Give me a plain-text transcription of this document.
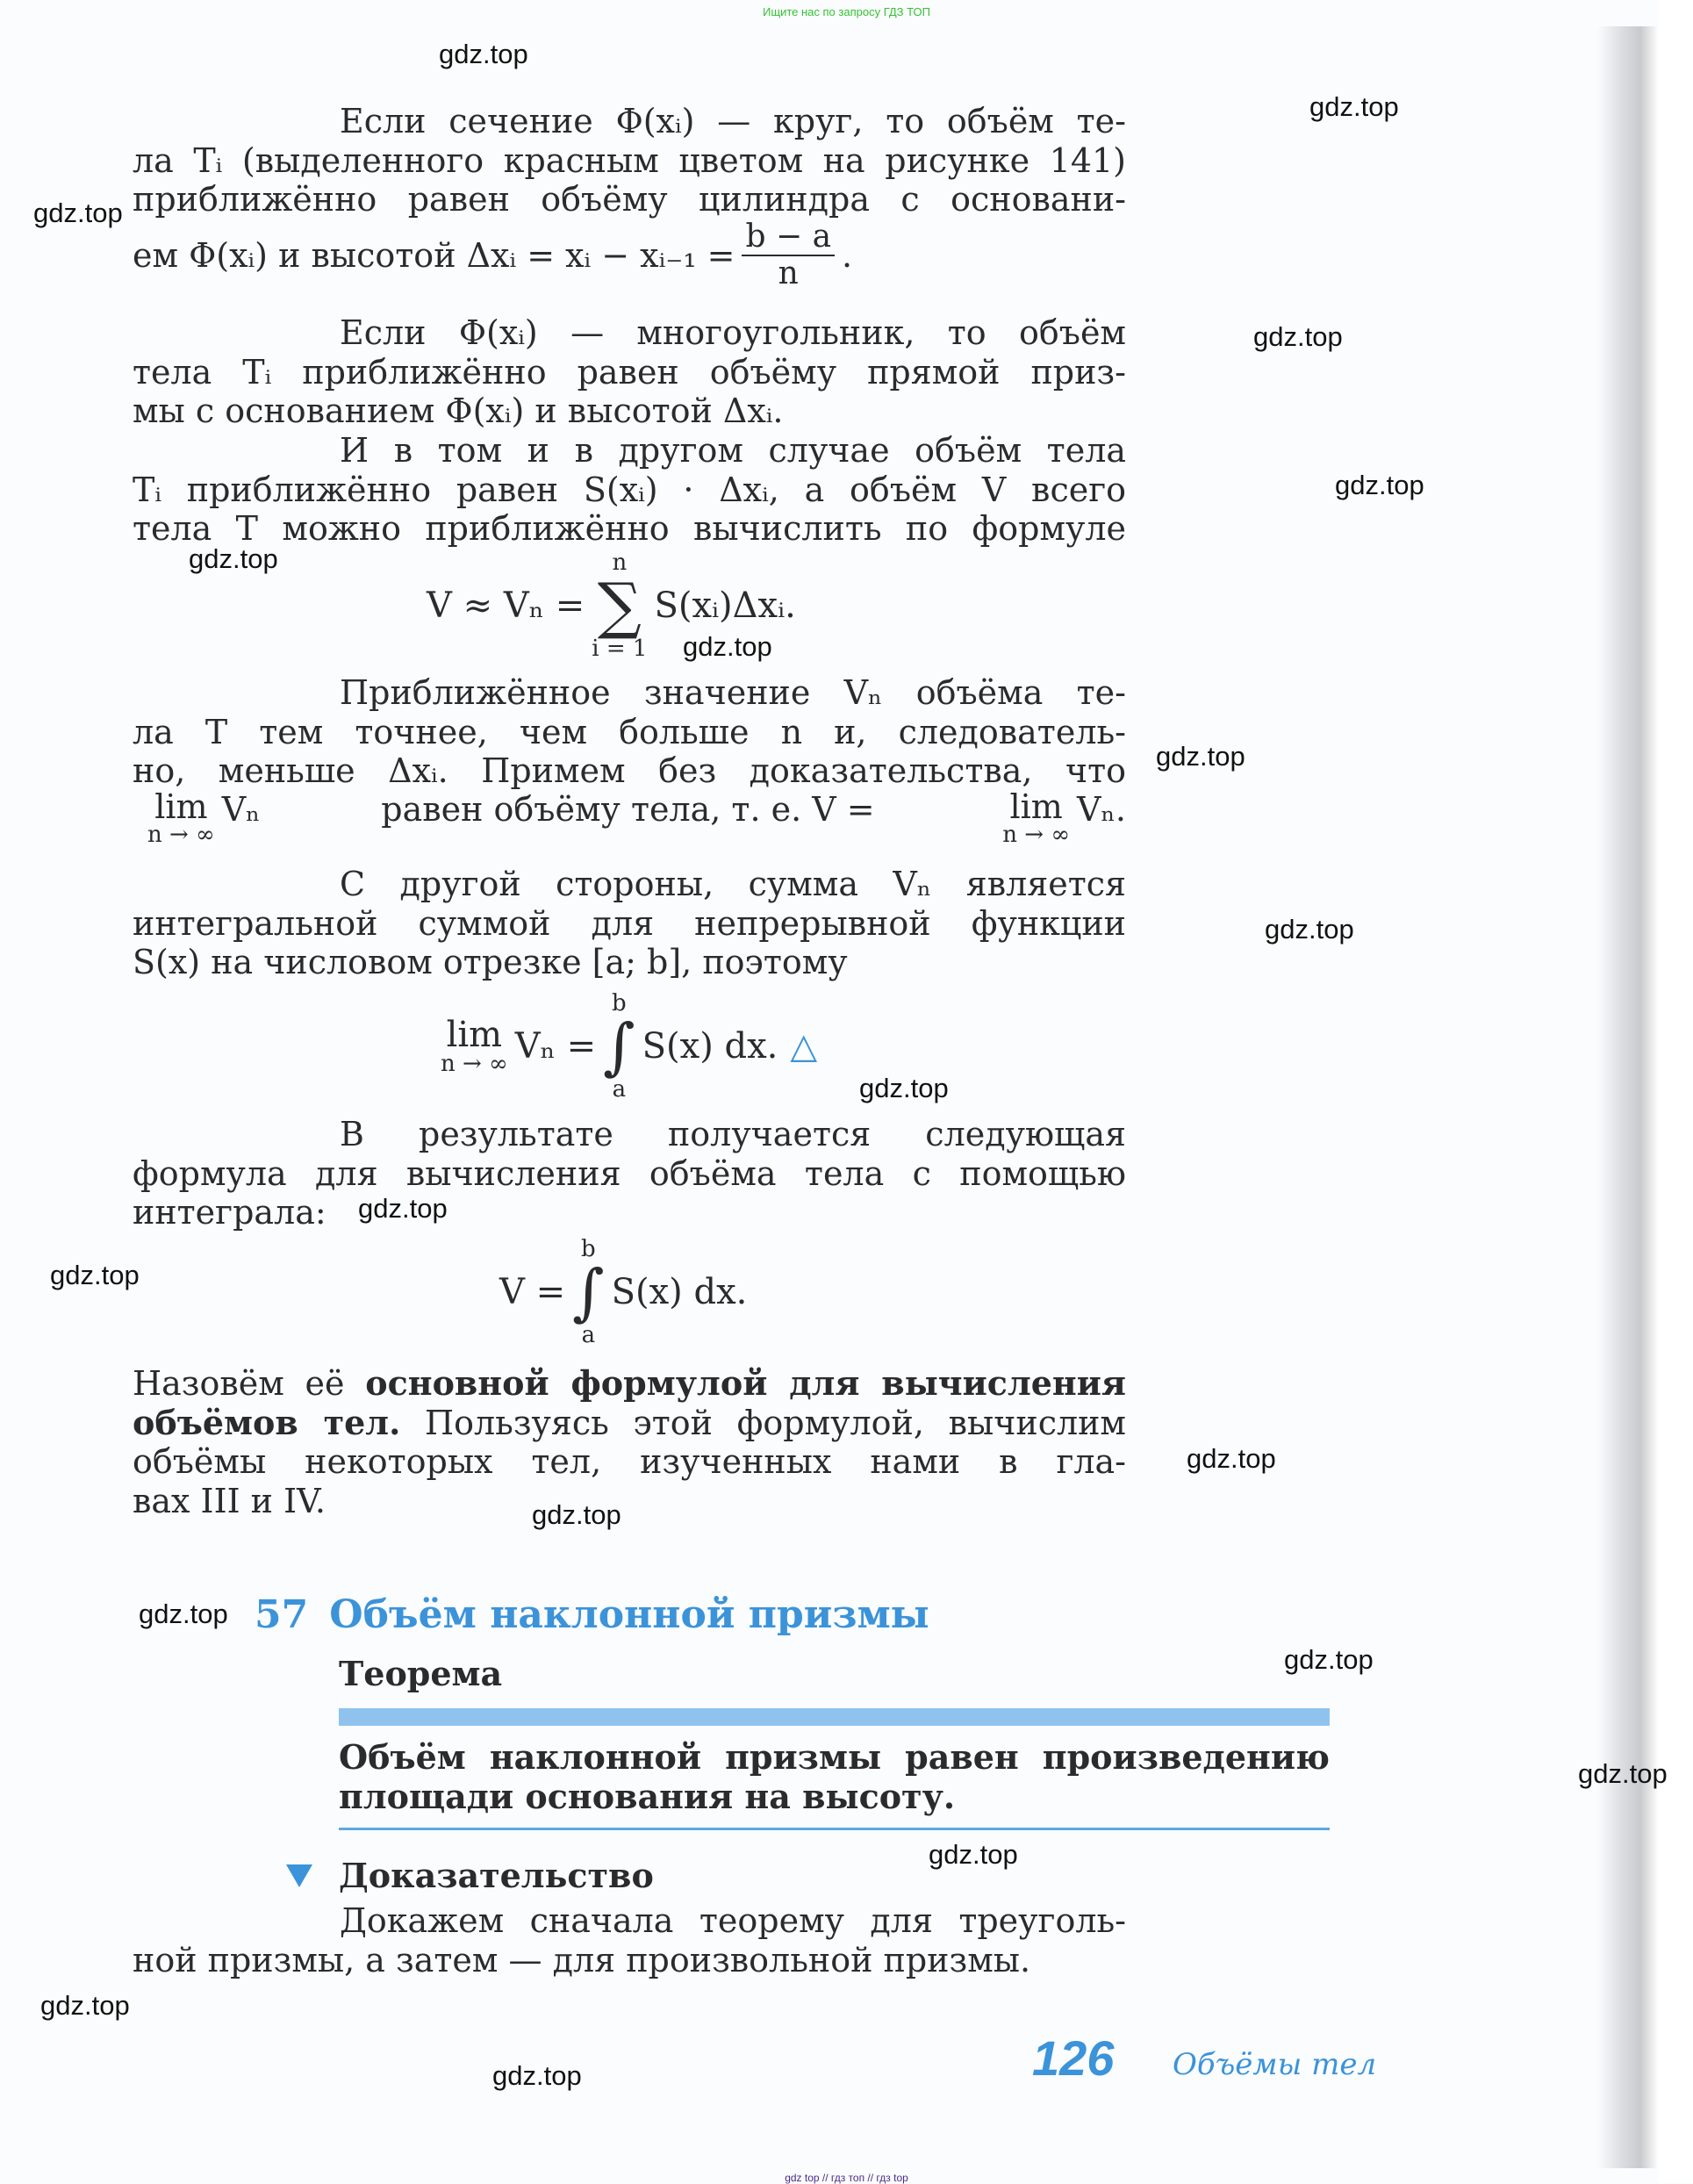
Ищите нас по запросу ГДЗ ТОП
gdz top // гдз топ // гдз top
Если сечение Φ(xᵢ) — круг, то объём те-
ла Tᵢ (выделенного красным цветом на рисунке 141)
приближённо равен объёму цилиндра с основани-
ем Φ(xᵢ) и высотой Δxᵢ = xᵢ − xᵢ₋₁ = $\frac{b - a}{n}$ .
Если Φ(xᵢ) — многоугольник, то объём
тела Tᵢ приближённо равен объёму прямой приз-
мы с основанием Φ(xᵢ) и высотой Δxᵢ.
И в том и в другом случае объём тела
Tᵢ приближённо равен S(xᵢ) · Δxᵢ, а объём V всего
тела T можно приближённо вычислить по формуле
V ≈ Vₙ =
n
∑
i = 1
S(xᵢ)Δxᵢ.
Приближённое значение Vₙ объёма те-
ла T тем точнее, чем больше n и, следователь-
но, меньше Δxᵢ. Примем без доказательства, что
lim
n → ∞
Vₙ	равен объёму тела, т. е. V =	lim
n → ∞
Vₙ .
С другой стороны, сумма Vₙ является
интегральной суммой для непрерывной функции
S(x) на числовом отрезке [a; b], поэтому
lim
n → ∞ Vₙ =
b
∫
a
S(x) dx. △
В результате получается следующая
формула для вычисления объёма тела с помощью
интеграла:
V =
b
∫
a
S(x) dx.
Назовём её основной формулой для вычисления
объёмов тел. Пользуясь этой формулой, вычислим
объёмы некоторых тел, изученных нами в гла-
вах III и IV.
57 Объём наклонной призмы
Теорема
Объём наклонной призмы равен произведению
площади основания на высоту.
Доказательство
Докажем сначала теорему для треуголь-
ной призмы, а затем — для произвольной призмы.
126 Объёмы тел
gdz.top
gdz.top
gdz.top
gdz.top
gdz.top
gdz.top
gdz.top
gdz.top
gdz.top
gdz.top
gdz.top
gdz.top
gdz.top
gdz.top
gdz.top
gdz.top
gdz.top
gdz.top
gdz.top
gdz.top
